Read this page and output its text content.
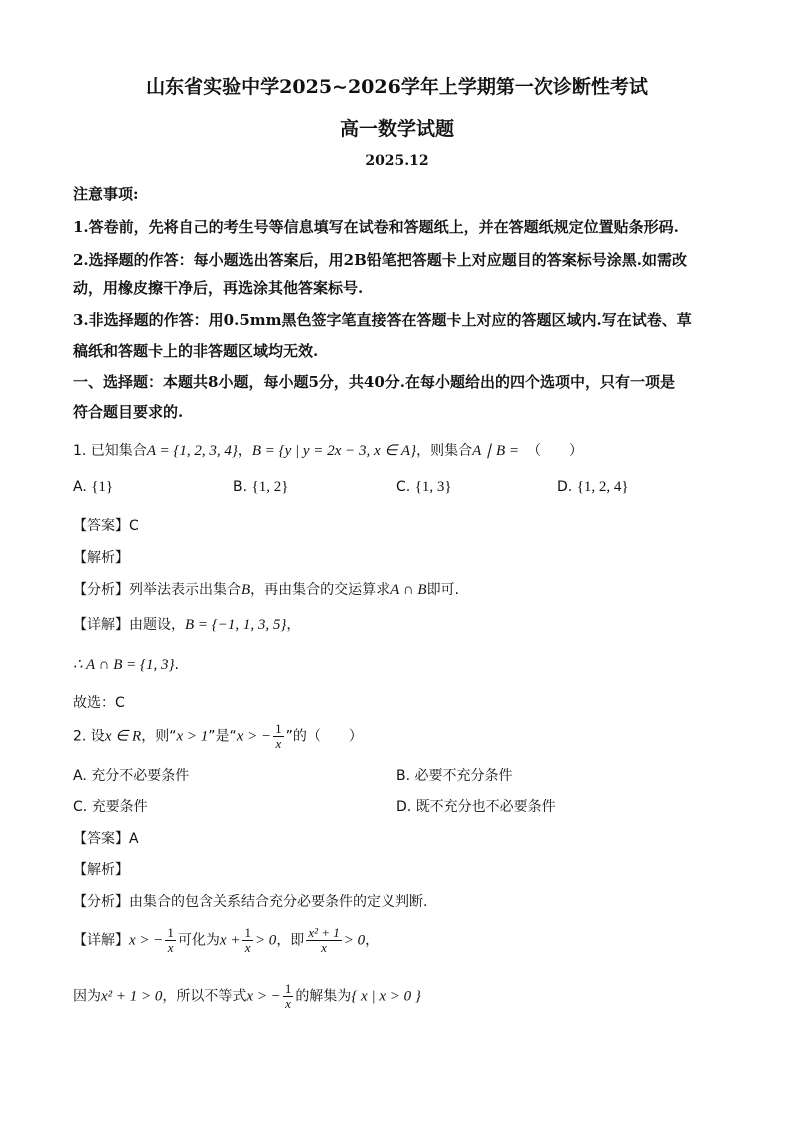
山东省实验中学2025~2026学年上学期第一次诊断性考试
高一数学试题
2025.12
注意事项:
1.答卷前，先将自己的考生号等信息填写在试卷和答题纸上，并在答题纸规定位置贴条形码.
2.选择题的作答：每小题选出答案后，用2B铅笔把答题卡上对应题目的答案标号涂黑.如需改
动，用橡皮擦干净后，再选涂其他答案标号.
3.非选择题的作答：用0.5mm黑色签字笔直接答在答题卡上对应的答题区域内.写在试卷、草
稿纸和答题卡上的非答题区域均无效.
一、选择题：本题共8小题，每小题5分，共40分.在每小题给出的四个选项中，只有一项是
符合题目要求的.
1. 已知集合A = {1, 2, 3, 4}，B = {y | y = 2x − 3, x ∈ A}，则集合A ∣ B = （　　）
A. {1}	B. {1, 2}	C. {1, 3}	D. {1, 2, 4}
【答案】C
【解析】
【分析】列举法表示出集合B，再由集合的交运算求A ∩ B即可.
【详解】由题设，B = {−1, 1, 3, 5}，
∴ A ∩ B = {1, 3}.
故选：C
2. 设x ∈ R，则“x > 1”是“x > − $\frac{1}{x}$ ”的（　　）
A. 充分不必要条件	B. 必要不充分条件
C. 充要条件	D. 既不充分也不必要条件
【答案】A
【解析】
【分析】由集合的包含关系结合充分必要条件的定义判断.
【详解】x > − $\frac{1}{x}$ 可化为$x + \frac{1}{x} > 0$，即 $\frac{\text{x² + 1}}{x} > 0$，
因为x² + 1 > 0，所以不等式x > − $\frac{1}{x}$ 的解集为{ x | x > 0 }
